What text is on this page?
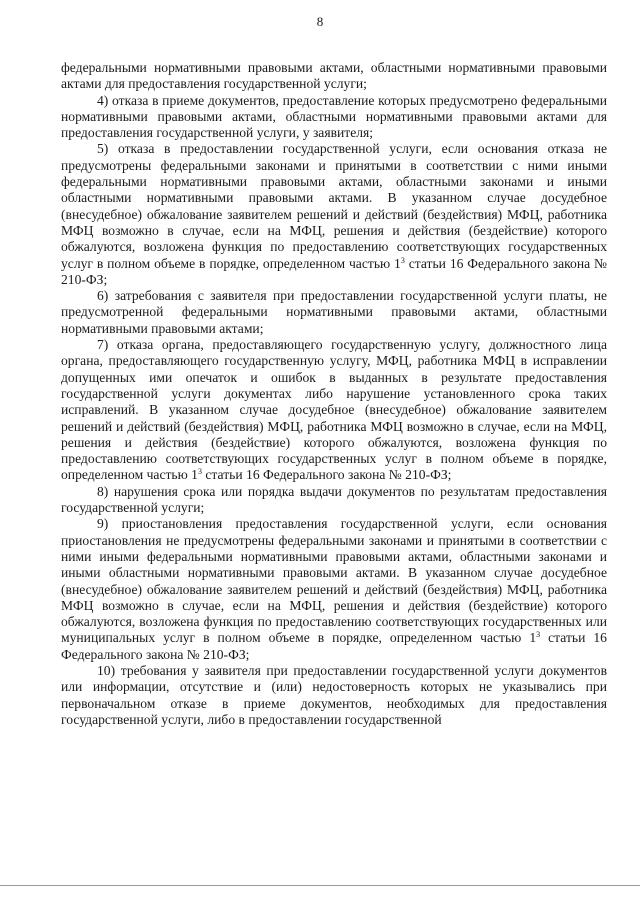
8

федеральными нормативными правовыми актами, областными нормативными правовыми актами для предоставления государственной услуги;

4) отказа в приеме документов, предоставление которых предусмотрено федеральными нормативными правовыми актами, областными нормативными правовыми актами для предоставления государственной услуги, у заявителя;

5) отказа в предоставлении государственной услуги, если основания отказа не предусмотрены федеральными законами и принятыми в соответствии с ними иными федеральными нормативными правовыми актами, областными законами и иными областными нормативными правовыми актами. В указанном случае досудебное (внесудебное) обжалование заявителем решений и действий (бездействия) МФЦ, работника МФЦ возможно в случае, если на МФЦ, решения и действия (бездействие) которого обжалуются, возложена функция по предоставлению соответствующих государственных услуг в полном объеме в порядке, определенном частью $1^3$ статьи 16 Федерального закона № 210-ФЗ;

6) затребования с заявителя при предоставлении государственной услуги платы, не предусмотренной федеральными нормативными правовыми актами, областными нормативными правовыми актами;

7) отказа органа, предоставляющего государственную услугу, должностного лица органа, предоставляющего государственную услугу, МФЦ, работника МФЦ в исправлении допущенных ими опечаток и ошибок в выданных в результате предоставления государственной услуги документах либо нарушение установленного срока таких исправлений. В указанном случае досудебное (внесудебное) обжалование заявителем решений и действий (бездействия) МФЦ, работника МФЦ возможно в случае, если на МФЦ, решения и действия (бездействие) которого обжалуются, возложена функция по предоставлению соответствующих государственных услуг в полном объеме в порядке, определенном частью $1^3$ статьи 16 Федерального закона № 210-ФЗ;

8) нарушения срока или порядка выдачи документов по результатам предоставления государственной услуги;

9) приостановления предоставления государственной услуги, если основания приостановления не предусмотрены федеральными законами и принятыми в соответствии с ними иными федеральными нормативными правовыми актами, областными законами и иными областными нормативными правовыми актами. В указанном случае досудебное (внесудебное) обжалование заявителем решений и действий (бездействия) МФЦ, работника МФЦ возможно в случае, если на МФЦ, решения и действия (бездействие) которого обжалуются, возложена функция по предоставлению соответствующих государственных или муниципальных услуг в полном объеме в порядке, определенном частью $1^3$ статьи 16 Федерального закона № 210-ФЗ;

10) требования у заявителя при предоставлении государственной услуги документов или информации, отсутствие и (или) недостоверность которых не указывались при первоначальном отказе в приеме документов, необходимых для предоставления государственной услуги, либо в предоставлении государственной
